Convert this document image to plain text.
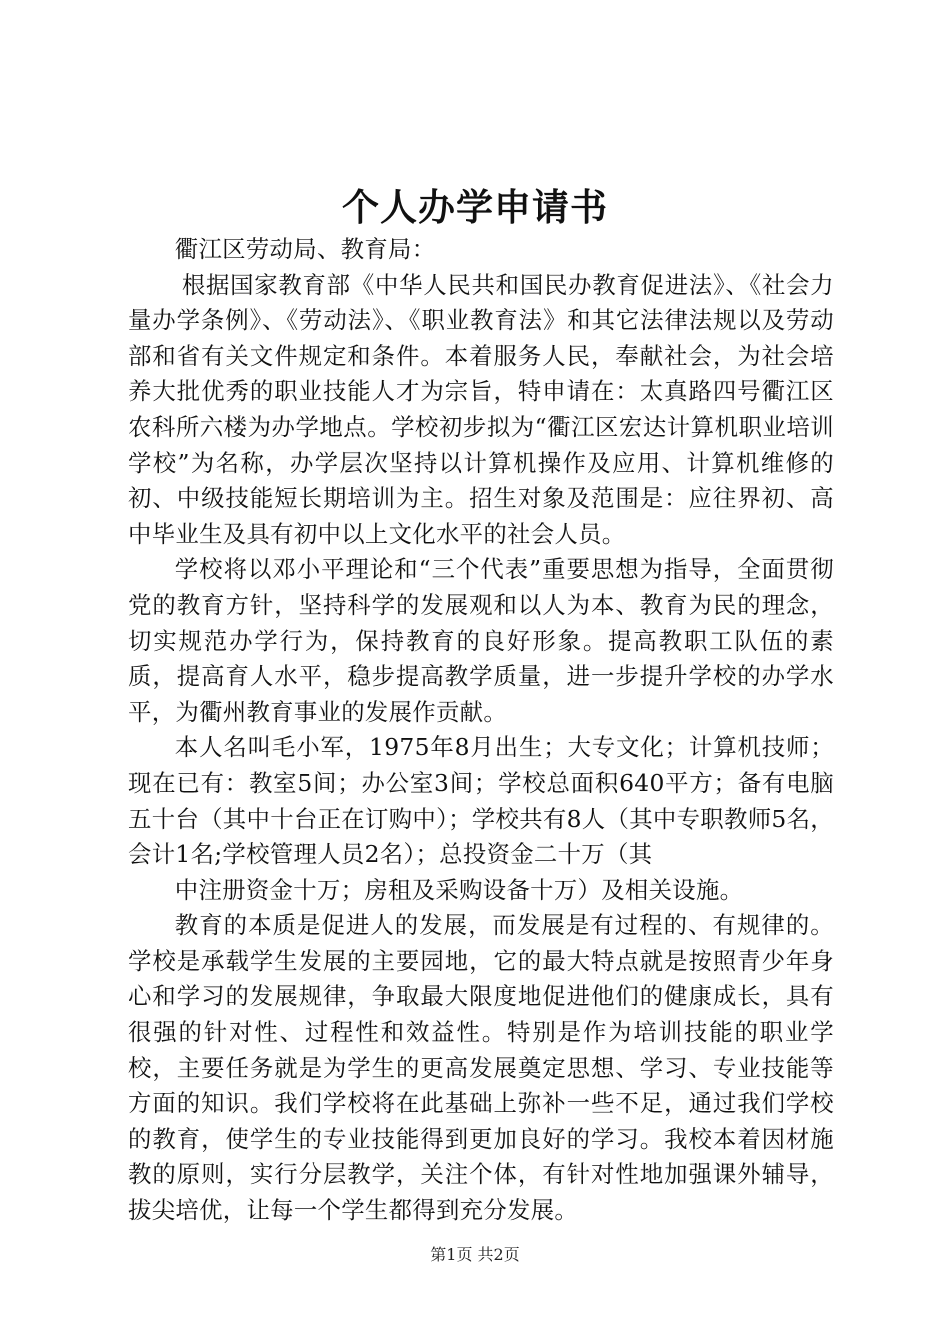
个人办学申请书

衢江区劳动局、教育局：

根据国家教育部《中华人民共和国民办教育促进法》、《社会力量办学条例》、《劳动法》、《职业教育法》和其它法律法规以及劳动部和省有关文件规定和条件。本着服务人民，奉献社会，为社会培养大批优秀的职业技能人才为宗旨，特申请在：太真路四号衢江区农科所六楼为办学地点。学校初步拟为“衢江区宏达计算机职业培训学校”为名称，办学层次坚持以计算机操作及应用、计算机维修的初、中级技能短长期培训为主。招生对象及范围是：应往界初、高中毕业生及具有初中以上文化水平的社会人员。

学校将以邓小平理论和“三个代表”重要思想为指导，全面贯彻党的教育方针，坚持科学的发展观和以人为本、教育为民的理念，切实规范办学行为，保持教育的良好形象。提高教职工队伍的素质，提高育人水平，稳步提高教学质量，进一步提升学校的办学水平，为衢州教育事业的发展作贡献。

本人名叫毛小军，1975年8月出生；大专文化；计算机技师；现在已有：教室5间；办公室3间；学校总面积640平方；备有电脑五十台（其中十台正在订购中）；学校共有8人（其中专职教师5名，会计1名;学校管理人员2名）；总投资金二十万（其

中注册资金十万；房租及采购设备十万）及相关设施。

教育的本质是促进人的发展，而发展是有过程的、有规律的。学校是承载学生发展的主要园地，它的最大特点就是按照青少年身心和学习的发展规律，争取最大限度地促进他们的健康成长，具有很强的针对性、过程性和效益性。特别是作为培训技能的职业学校，主要任务就是为学生的更高发展奠定思想、学习、专业技能等方面的知识。我们学校将在此基础上弥补一些不足，通过我们学校的教育，使学生的专业技能得到更加良好的学习。我校本着因材施教的原则，实行分层教学，关注个体，有针对性地加强课外辅导，拔尖培优，让每一个学生都得到充分发展。

第1页 共2页
